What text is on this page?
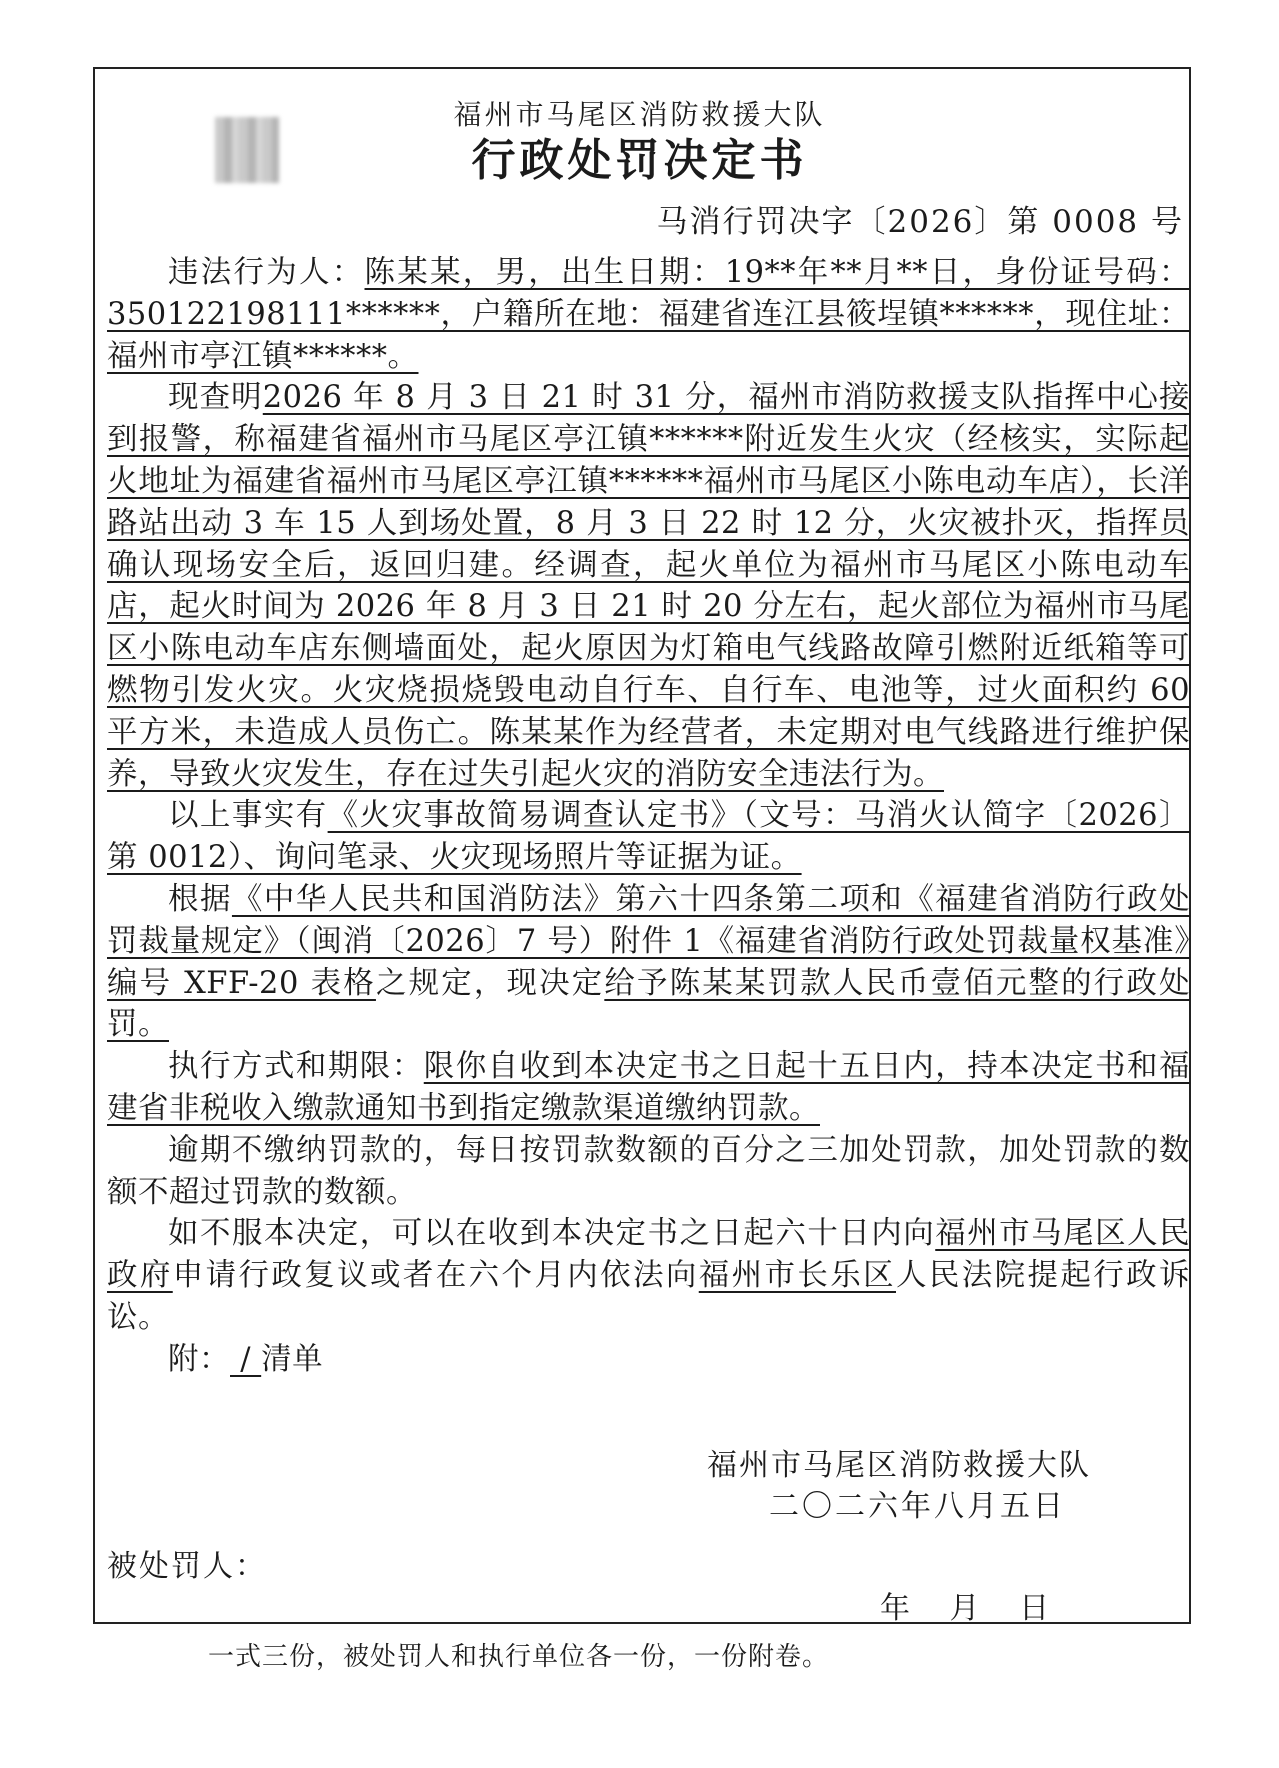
福州市马尾区消防救援大队
行政处罚决定书
马消行罚决字〔2026〕第 0008 号

违法行为人：陈某某，男，出生日期：19**年**月**日，身份证号码：350122198111******，户籍所在地：福建省连江县筱埕镇******，现住址：福州市亭江镇******。

现查明2026 年 8 月 3 日 21 时 31 分，福州市消防救援支队指挥中心接到报警，称福建省福州市马尾区亭江镇******附近发生火灾（经核实，实际起火地址为福建省福州市马尾区亭江镇******福州市马尾区小陈电动车店），长洋路站出动 3 车 15 人到场处置，8 月 3 日 22 时 12 分，火灾被扑灭，指挥员确认现场安全后，返回归建。经调查，起火单位为福州市马尾区小陈电动车店，起火时间为 2026 年 8 月 3 日 21 时 20 分左右，起火部位为福州市马尾区小陈电动车店东侧墙面处，起火原因为灯箱电气线路故障引燃附近纸箱等可燃物引发火灾。火灾烧损烧毁电动自行车、自行车、电池等，过火面积约 60 平方米，未造成人员伤亡。陈某某作为经营者，未定期对电气线路进行维护保养，导致火灾发生，存在过失引起火灾的消防安全违法行为。

以上事实有《火灾事故简易调查认定书》（文号：马消火认简字〔2026〕第 0012）、询问笔录、火灾现场照片等证据为证。

根据《中华人民共和国消防法》第六十四条第二项和《福建省消防行政处罚裁量规定》（闽消〔2026〕7 号）附件 1《福建省消防行政处罚裁量权基准》编号 XFF-20 表格之规定，现决定给予陈某某罚款人民币壹佰元整的行政处罚。

执行方式和期限：限你自收到本决定书之日起十五日内，持本决定书和福建省非税收入缴款通知书到指定缴款渠道缴纳罚款。

逾期不缴纳罚款的，每日按罚款数额的百分之三加处罚款，加处罚款的数额不超过罚款的数额。

如不服本决定，可以在收到本决定书之日起六十日内向福州市马尾区人民政府申请行政复议或者在六个月内依法向福州市长乐区人民法院提起行政诉讼。

附： / 清单

福州市马尾区消防救援大队
二〇二六年八月五日
被处罚人：
年 月 日
一式三份，被处罚人和执行单位各一份，一份附卷。
